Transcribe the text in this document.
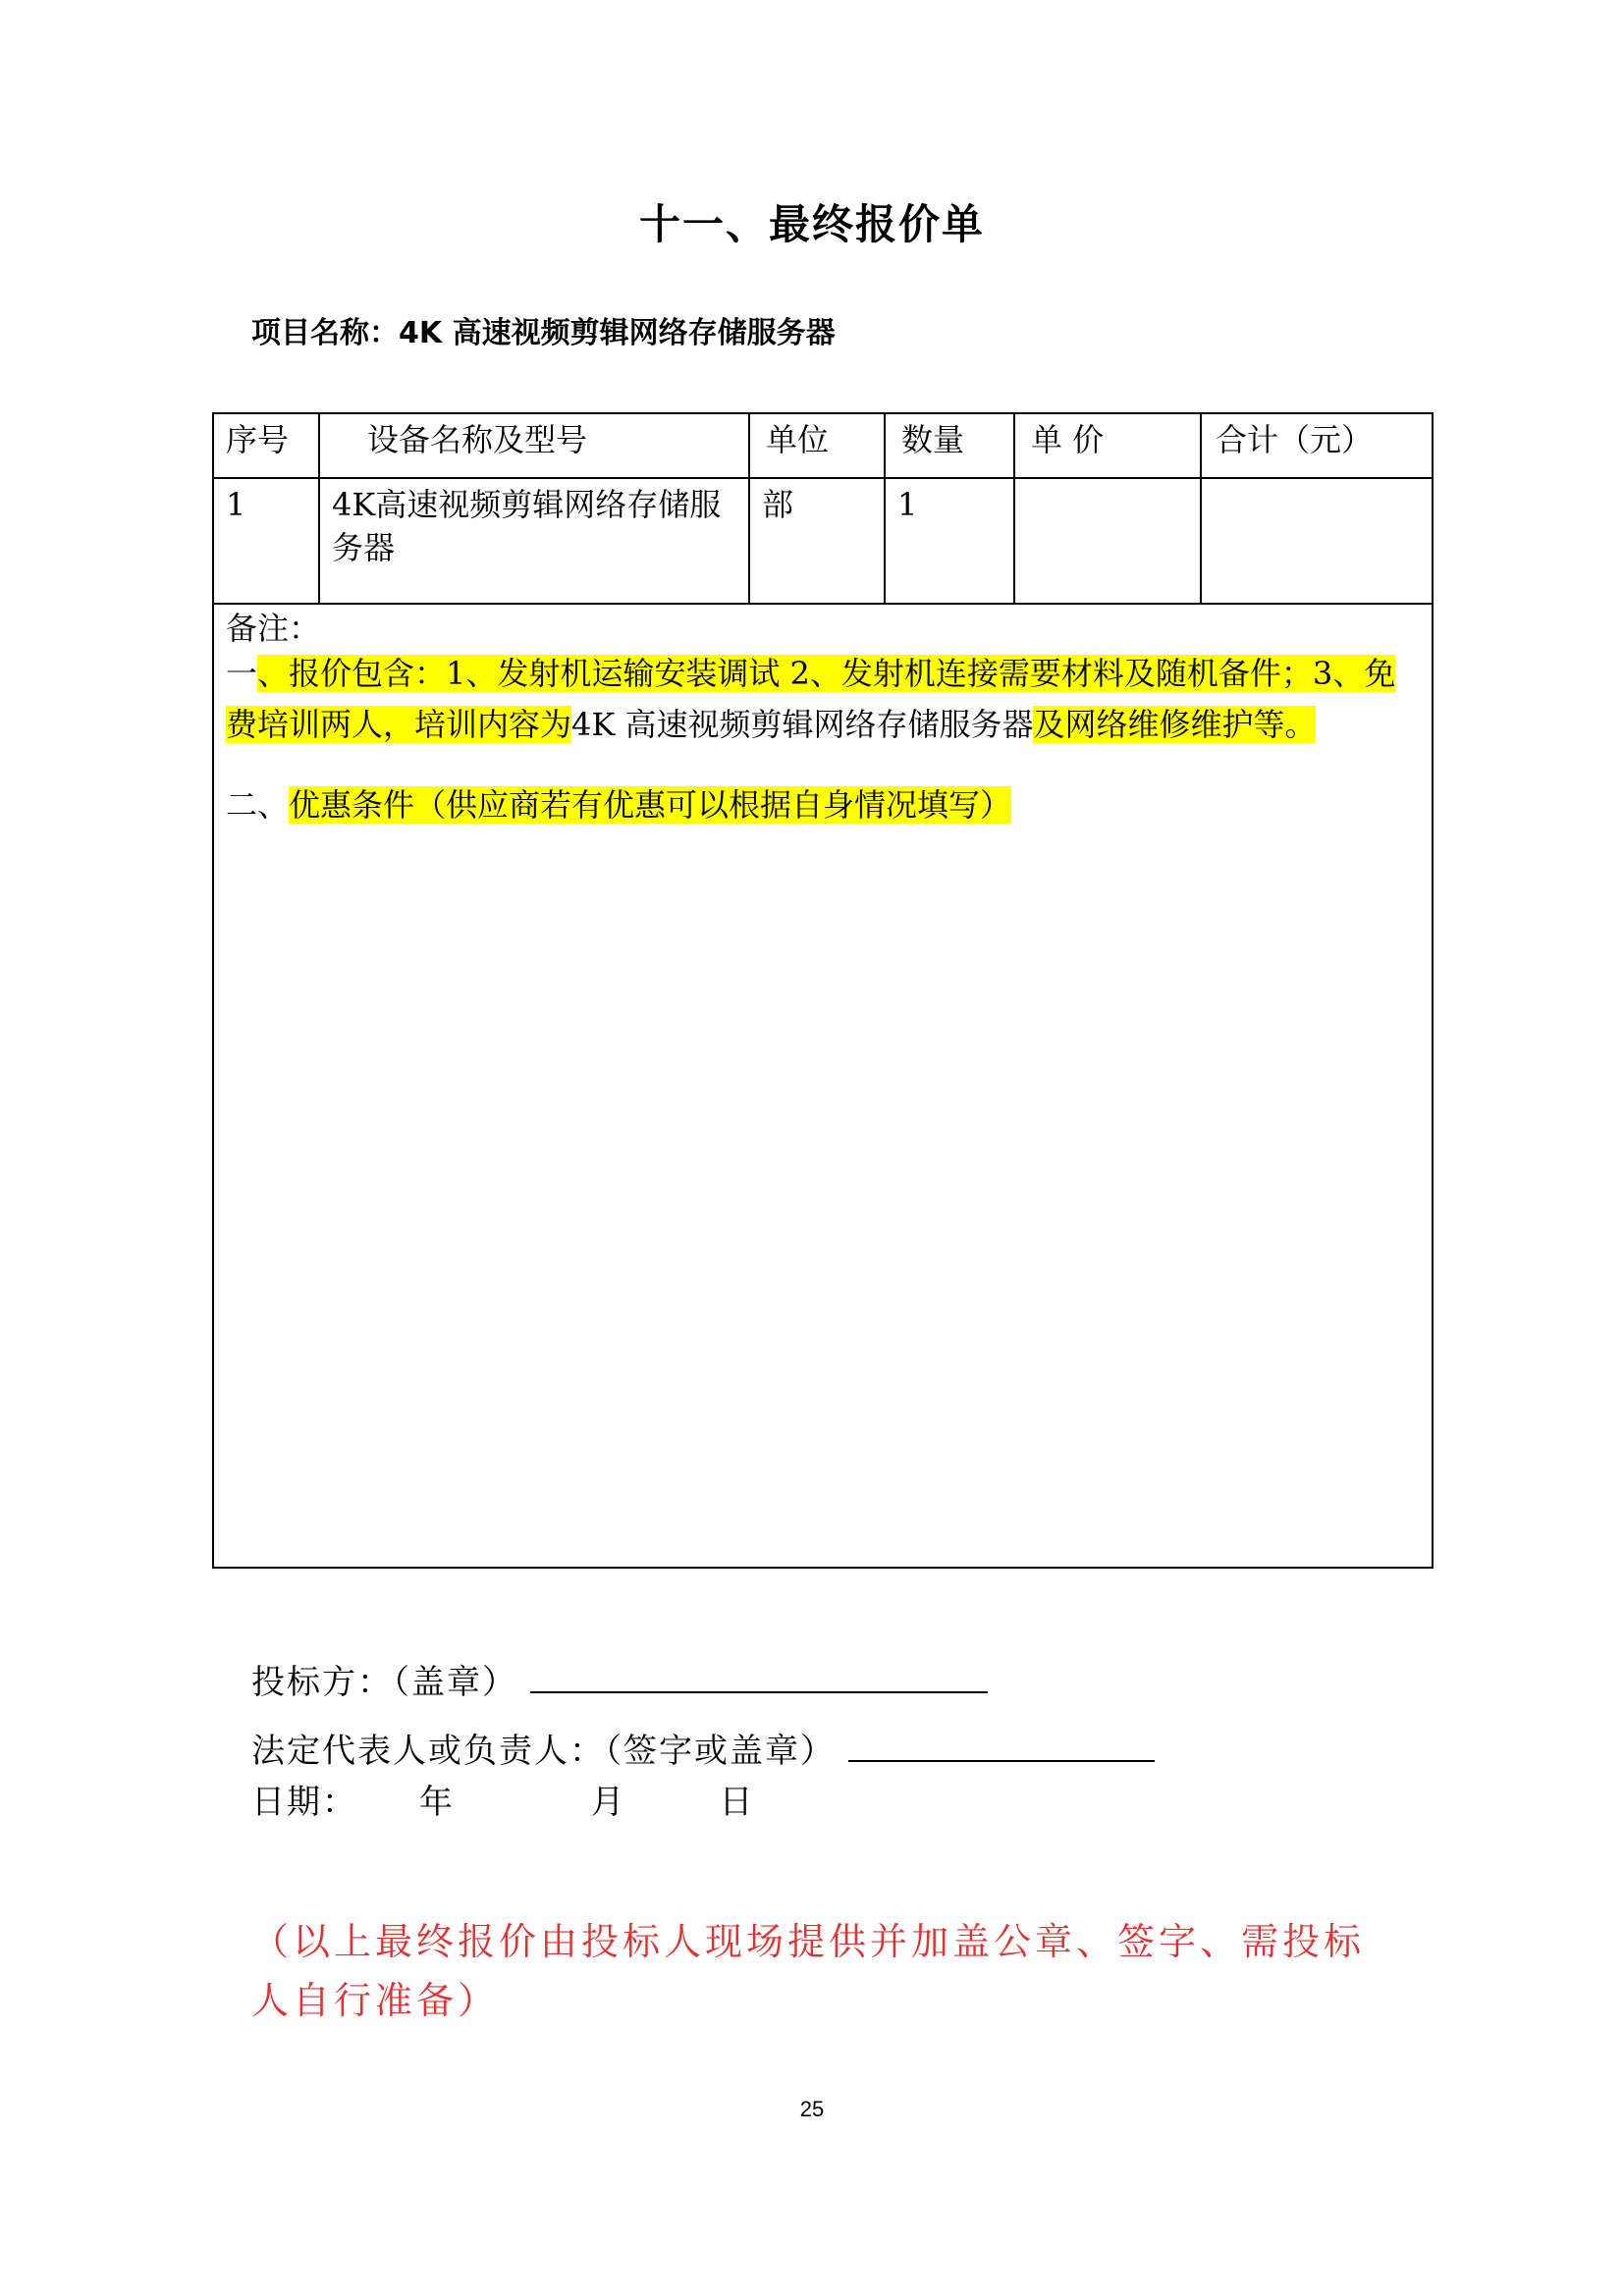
十一、最终报价单
项目名称：4K 高速视频剪辑网络存储服务器
序号	设备名称及型号	单位	数量	单 价	合计（元）
1	4K高速视频剪辑网络存储服务器	部	1		

备注：

一、报价包含：1、发射机运输安装调试 2、发射机连接需要材料及随机备件；3、免费培训两人，培训内容为4K 高速视频剪辑网络存储服务器及网络维修维护等。

二、优惠条件（供应商若有优惠可以根据自身情况填写）					

投标方：（盖章）
法定代表人或负责人：（签字或盖章）
日期： 年	月	日
（以上最终报价由投标人现场提供并加盖公章、签字、需投标人自行准备）
25
